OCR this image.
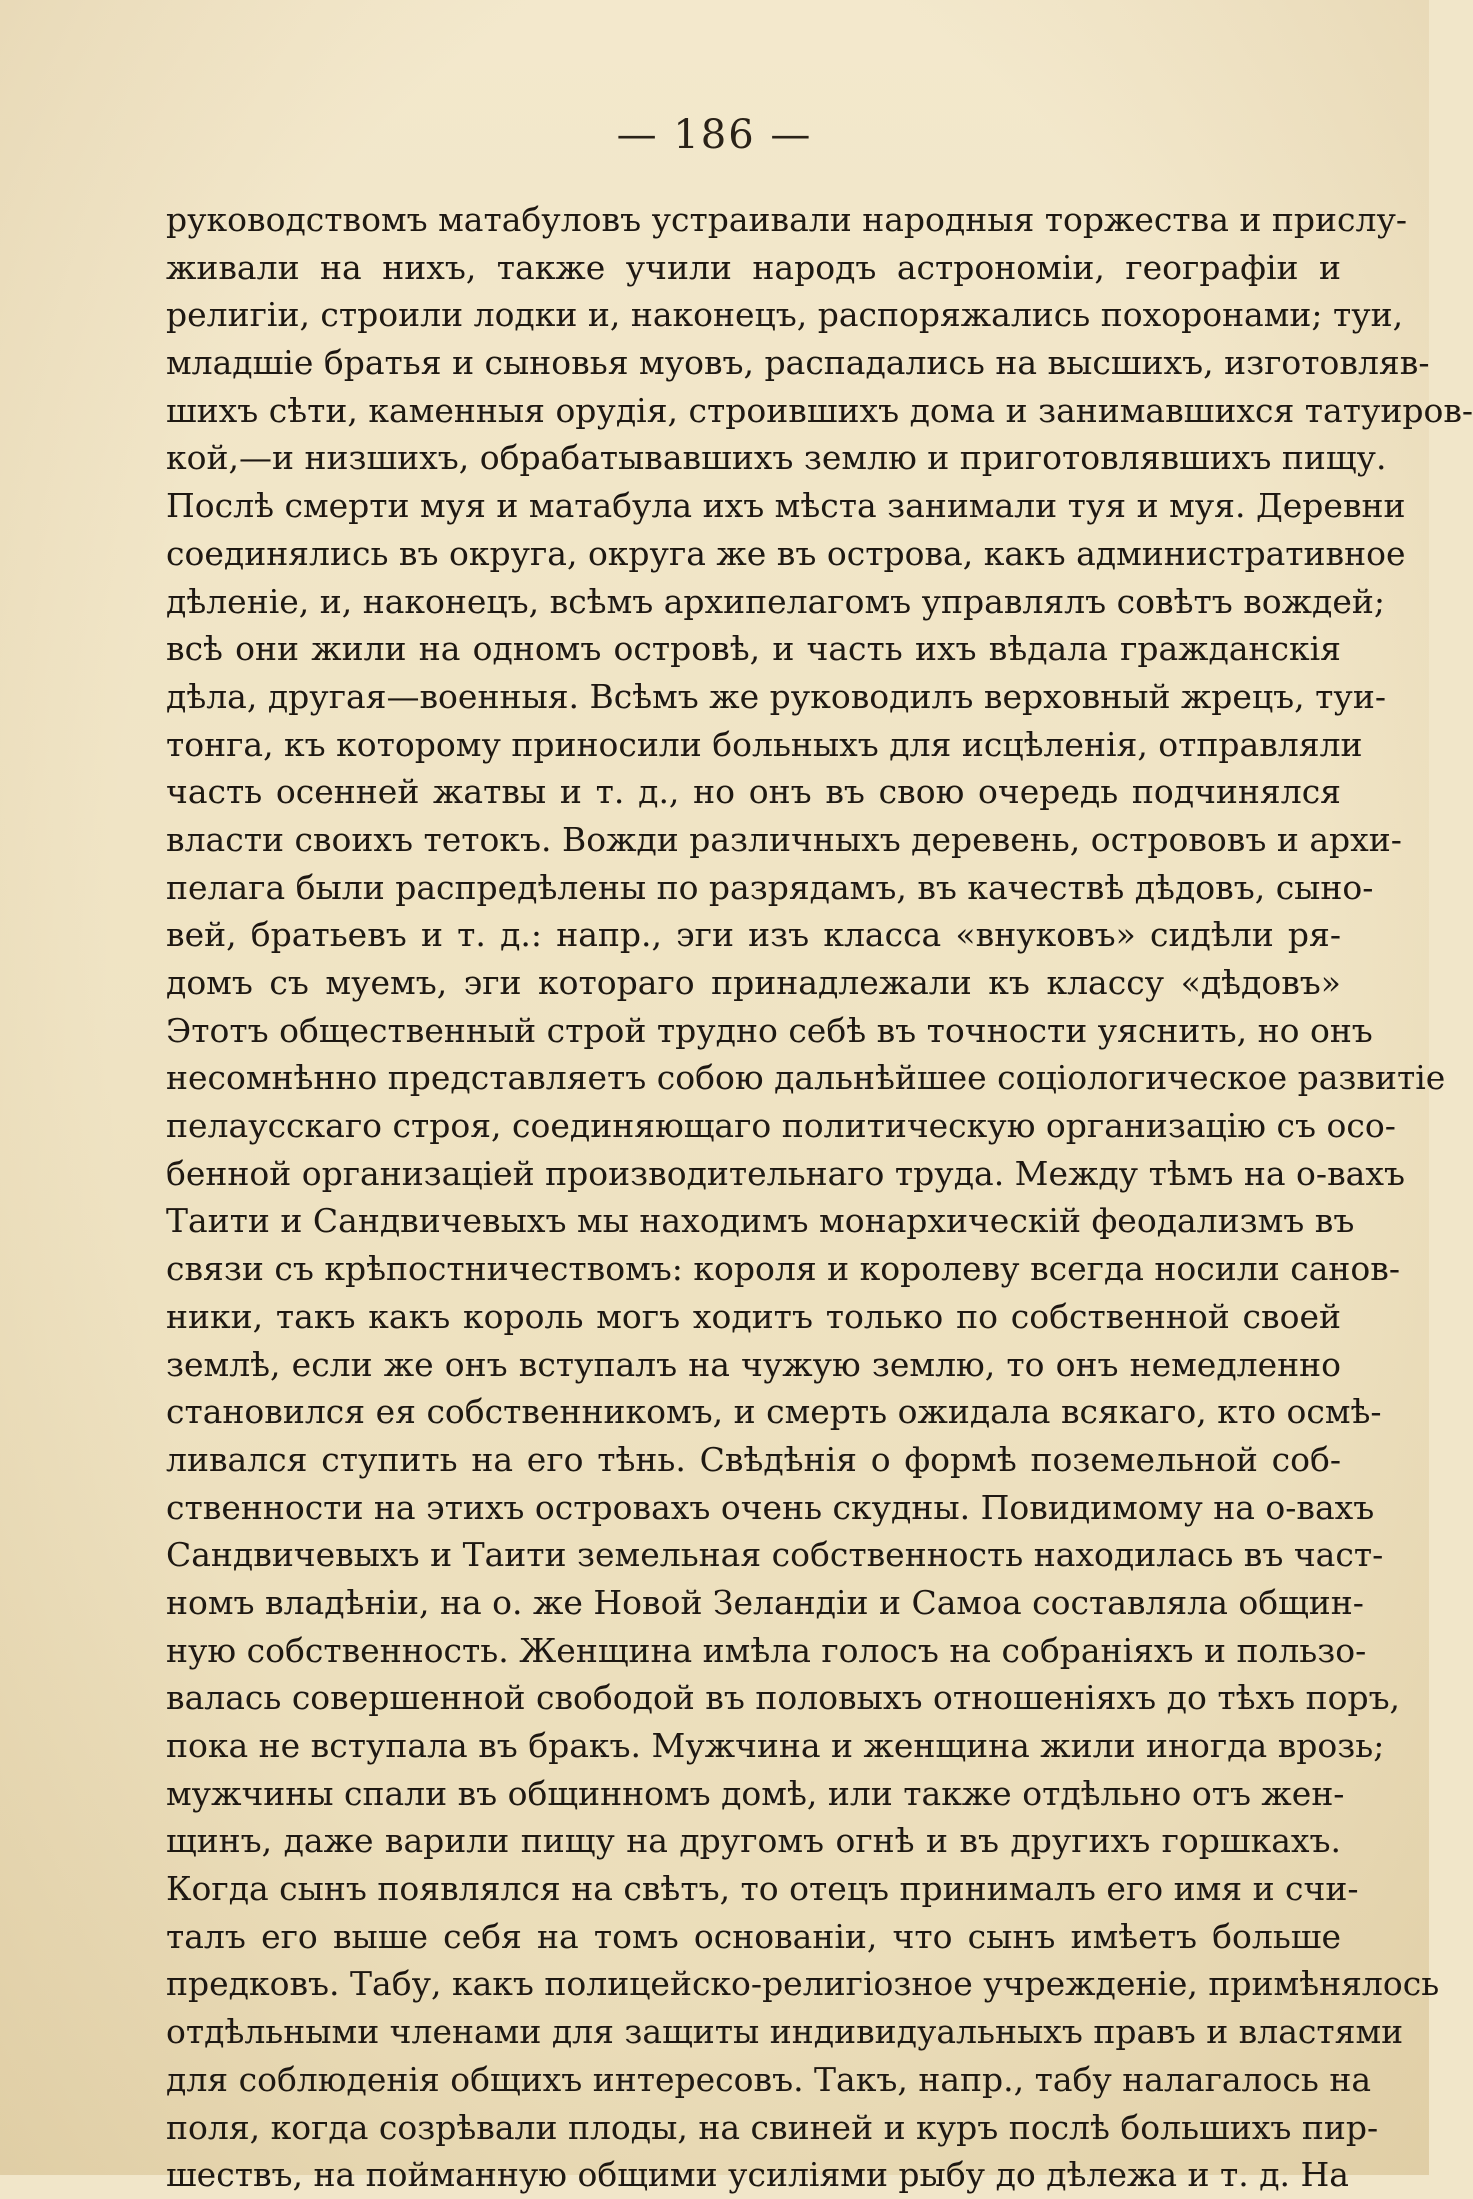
— 186 —
руководствомъ матабуловъ устраивали народныя торжества и прислу-
живали на нихъ, также учили народъ астрономіи, географіи и
религіи, строили лодки и, наконецъ, распоряжались похоронами; туи,
младшіе братья и сыновья муовъ, распадались на высшихъ, изготовляв-
шихъ сѣти, каменныя орудія, строившихъ дома и занимавшихся татуиров-
кой,—и низшихъ, обрабатывавшихъ землю и приготовлявшихъ пищу.
Послѣ смерти муя и матабула ихъ мѣста занимали туя и муя. Деревни
соединялись въ округа, округа же въ острова, какъ административное
дѣленіе, и, наконецъ, всѣмъ архипелагомъ управлялъ совѣтъ вождей;
всѣ они жили на одномъ островѣ, и часть ихъ вѣдала гражданскія
дѣла, другая—военныя. Всѣмъ же руководилъ верховный жрецъ, туи-
тонга, къ которому приносили больныхъ для исцѣленія, отправляли
часть осенней жатвы и т. д., но онъ въ свою очередь подчинялся
власти своихъ тетокъ. Вожди различныхъ деревень, острововъ и архи-
пелага были распредѣлены по разрядамъ, въ качествѣ дѣдовъ, сыно-
вей, братьевъ и т. д.: напр., эги изъ класса «внуковъ» сидѣли ря-
домъ съ муемъ, эги котораго принадлежали къ классу «дѣдовъ»
Этотъ общественный строй трудно себѣ въ точности уяснить, но онъ
несомнѣнно представляетъ собою дальнѣйшее соціологическое развитіе
пелаусскаго строя, соединяющаго политическую организацію съ осо-
бенной организаціей производительнаго труда. Между тѣмъ на о-вахъ
Таити и Сандвичевыхъ мы находимъ монархическій феодализмъ въ
связи съ крѣпостничествомъ: короля и королеву всегда носили санов-
ники, такъ какъ король могъ ходитъ только по собственной своей
землѣ, если же онъ вступалъ на чужую землю, то онъ немедленно
становился ея собственникомъ, и смерть ожидала всякаго, кто осмѣ-
ливался ступить на его тѣнь. Свѣдѣнія о формѣ поземельной соб-
ственности на этихъ островахъ очень скудны. Повидимому на о-вахъ
Сандвичевыхъ и Таити земельная собственность находилась въ част-
номъ владѣніи, на о. же Новой Зеландіи и Самоа составляла общин-
ную собственность. Женщина имѣла голосъ на собраніяхъ и пользо-
валась совершенной свободой въ половыхъ отношеніяхъ до тѣхъ поръ,
пока не вступала въ бракъ. Мужчина и женщина жили иногда врозь;
мужчины спали въ общинномъ домѣ, или также отдѣльно отъ жен-
щинъ, даже варили пищу на другомъ огнѣ и въ другихъ горшкахъ.
Когда сынъ появлялся на свѣтъ, то отецъ принималъ его имя и счи-
талъ его выше себя на томъ основаніи, что сынъ имѣетъ больше
предковъ. Табу, какъ полицейско-религіозное учрежденіе, примѣнялось
отдѣльными членами для защиты индивидуальныхъ правъ и властями
для соблюденія общихъ интересовъ. Такъ, напр., табу налагалось на
поля, когда созрѣвали плоды, на свиней и куръ послѣ большихъ пир-
шествъ, на пойманную общими усиліями рыбу до дѣлежа и т. д. На
